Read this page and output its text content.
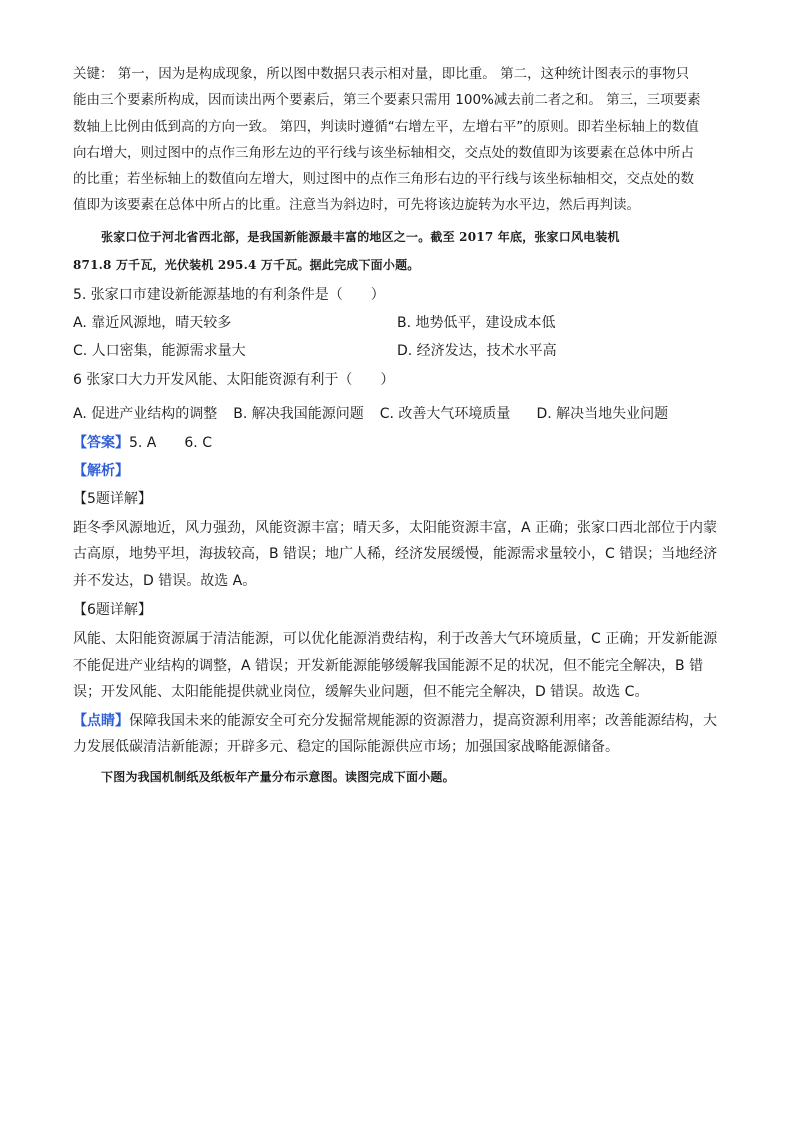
关键： 第一，因为是构成现象，所以图中数据只表示相对量，即比重。 第二，这种统计图表示的事物只

能由三个要素所构成，因而读出两个要素后，第三个要素只需用 100%减去前二者之和。 第三，三项要素

数轴上比例由低到高的方向一致。 第四，判读时遵循“右增左平，左增右平”的原则。即若坐标轴上的数值

向右增大，则过图中的点作三角形左边的平行线与该坐标轴相交，交点处的数值即为该要素在总体中所占

的比重；若坐标轴上的数值向左增大，则过图中的点作三角形右边的平行线与该坐标轴相交，交点处的数

值即为该要素在总体中所占的比重。注意当为斜边时，可先将该边旋转为水平边，然后再判读。

张家口位于河北省西北部，是我国新能源最丰富的地区之一。截至 2017 年底，张家口风电装机

871.8 万千瓦，光伏装机 295.4 万千瓦。据此完成下面小题。

5. 张家口市建设新能源基地的有利条件是（　　）

A. 靠近风源地，晴天较多	B. 地势低平，建设成本低
C. 人口密集，能源需求量大	D. 经济发达，技术水平高

6 张家口大力开发风能、太阳能资源有利于（　　）

A. 促进产业结构的调整 B. 解决我国能源问题 C. 改善大气环境质量 D. 解决当地失业问题
【答案】5. A　　6. C
【解析】
【5题详解】

距冬季风源地近，风力强劲，风能资源丰富；晴天多，太阳能资源丰富，A 正确；张家口西北部位于内蒙

古高原，地势平坦，海拔较高，B 错误；地广人稀，经济发展缓慢，能源需求量较小，C 错误；当地经济

并不发达，D 错误。故选 A。

【6题详解】

风能、太阳能资源属于清洁能源，可以优化能源消费结构，利于改善大气环境质量，C 正确；开发新能源

不能促进产业结构的调整，A 错误；开发新能源能够缓解我国能源不足的状况，但不能完全解决，B 错

误；开发风能、太阳能能提供就业岗位，缓解失业问题，但不能完全解决，D 错误。故选 C。

【点睛】保障我国未来的能源安全可充分发掘常规能源的资源潜力，提高资源利用率；改善能源结构，大

力发展低碳清洁新能源；开辟多元、稳定的国际能源供应市场；加强国家战略能源储备。

下图为我国机制纸及纸板年产量分布示意图。读图完成下面小题。
